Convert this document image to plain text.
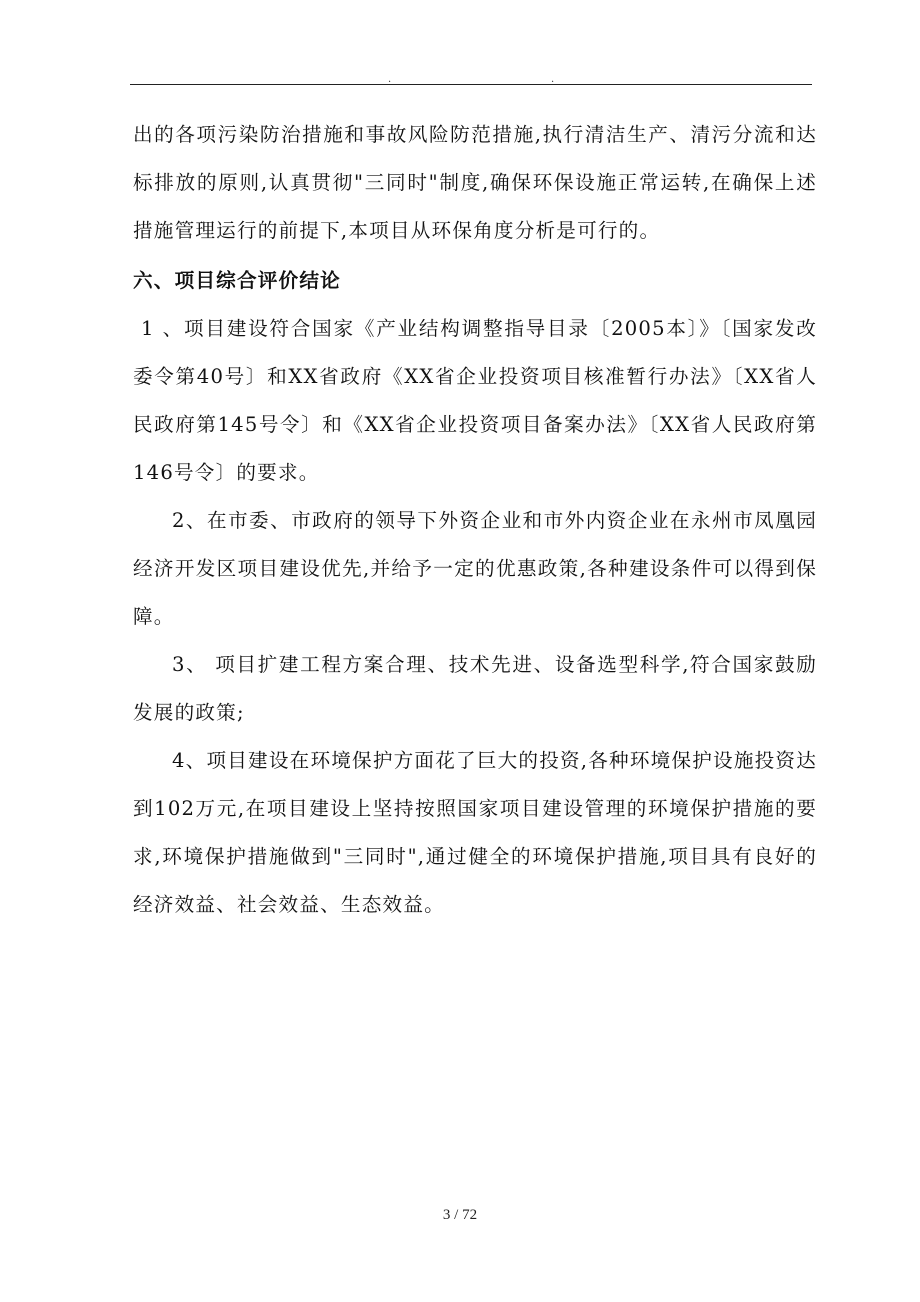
.	.

出的各项污染防治措施和事故风险防范措施,执行清洁生产、清污分流和达标排放的原则,认真贯彻"三同时"制度,确保环保设施正常运转,在确保上述措施管理运行的前提下,本项目从环保角度分析是可行的。

六、项目综合评价结论

1 、项目建设符合国家《产业结构调整指导目录〔2005本〕》〔国家发改委令第40号〕和XX省政府《XX省企业投资项目核准暂行办法》〔XX省人民政府第145号令〕和《XX省企业投资项目备案办法》〔XX省人民政府第146号令〕的要求。

2、在市委、市政府的领导下外资企业和市外内资企业在永州市凤凰园经济开发区项目建设优先,并给予一定的优惠政策,各种建设条件可以得到保障。

3、 项目扩建工程方案合理、技术先进、设备选型科学,符合国家鼓励发展的政策;

4、项目建设在环境保护方面花了巨大的投资,各种环境保护设施投资达到102万元,在项目建设上坚持按照国家项目建设管理的环境保护措施的要求,环境保护措施做到"三同时",通过健全的环境保护措施,项目具有良好的经济效益、社会效益、生态效益。

3 / 72
